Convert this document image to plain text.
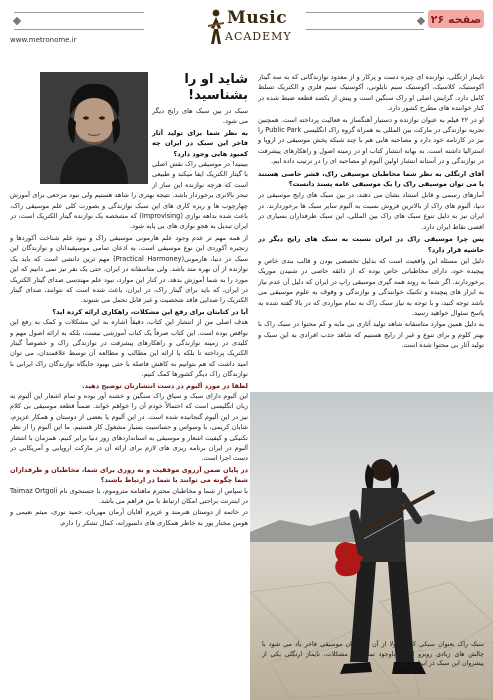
www.metronome.ir
Music
ACADEMY
صفحه ۲۶
شاید او را بشناسید!
سبک در بین سبک های رایج دیگر می شود.
به نظر شما برای تولید آثار فاخر این سبک در ایران چه کمبود هایی وجود دارد؟
ببینید! در موسیقی راک نقش اصلی با گیتار الکتریک ایفا میکند و طبیعی است که هرچه نوازنده این ساز از تبحر بالاتری برخوردار باشد. نتیجه بهتری را شاهد هستیم ولی نبود مرجعی برای آموزش چهارچوب ها و ریزه کاری های این سبک نوازندگی و بصورت کلی علم موسیقی راک، باعث شده بداهه نوازی (Improvising) که مشخصه یک نوازنده گیتار الکتریک است، در ایران تبدیل به هجو نوازی های بی پایه شود.
از همه مهم تر عدم وجود علم هارمونی موسیقی راک و نبود علم شناخت آکوردها و زنجیره آکوردی این نوع موسیقی است. به اذعان تمامی موسیقیدانان و نوازندگان این سبک در دنیا، هارمونی(Practical Harmoney) مهم ترین دانشی است که باید یک نوازنده از آن بهره مند باشد. ولی متاسفانه در ایران، حتی یک نفر نیز نمی دانیم که این مورد را به شما آموزش بدهد. در کنار این موارد، نبود علم مهندسی صدای گیتار الکتریک در ایران، که باید برای گیتار راک، در ایران، باعث شده است که نتوانند، صدای گیتار الکتریک را صدایی فاقد شخصیت و غیر قابل تحمل می شنوند.
آیا در کتابتان برای رفع این مشکلات، راهکاری ارائه کرده اید؟
هدف اصلی من از انتشار این کتاب، دقیقاً اشاره به این مشکلات و کمک به رفع این نواقص بوده است. این کتاب صرفاً یک کتاب آموزشی نیست، بلکه به ارائه اصول مهم و کلیدی در زمینه نوازندگی و راهکارهای پیشرفت در نوازندگی راک و خصوصاً گیتار الکتریک پرداخته تا بلکه با ارائه این مطالب و مطالعه آن توسط علاقمندان، می توان امید داشت که هم بتوانیم به کاهش فاصله با حتی بهبود جایگاه نوازندگان راک ایرانی با نوازندگان راک دیگر کشورها کمک کنیم.
لطفا در مورد آلبوم در دست انتشارتان توضیح دهید.
این آلبوم دارای سبک و سیاق راک سنگین و خشنه آور بوده و تمام اشعار این آلبوم به زبان انگلیسی است که احتمالاً خودم آن را خواهم خواند. ضمناً قطعه موسیقی بی کلام نیز در این آلبوم گنجانیده شده است. در این آلبوم یا بعضی از دوستان و همکار عزیزم، شایان کریمی، با وسواس و حساسیت بسیار مشغول کار هستیم. ما این آلبوم را از نظر تکنیکی و کیفیت اشعار و موسیقی به استانداردهای روز دنیا برابر کنیم. همزمان با انتشار آلبوم در ایران برنامه ریزی های لازم برای ارائه آن در مارکت اروپایی و آمریکایی در دست اجرا است.
در پایان ضمن آرزوی موفقیت و به روزی برای شما، مخاطبان و طرفداران شما چگونه می توانند با شما در ارتباط باشند؟
با سپاس از شما و مخاطبان محترم ماهنامه متروموم، با جستجوی نام Taimaz Ortgoli در اینترنت براحتی امکان ارتباط با من فراهم می باشد.
در خاتمه از دوستان هنرمند و عزیزم آقایان آرمان مهریان، حمید نوری، میثم نعیمی و هومن مختار پور به خاطر همکاری های دلسوزانه، کمال تشکر را دارم.
تایماز ارتگلی، نوازنده ای چیره دست و پرکار و از معدود نوازندگانی که به سه گیتار آکوستیک، کلاسیک، آکوستیک سیم نایلونی، آکوستیک سیم فلزی و الکتریک تسلط کامل دارد. گرایش اصلی او راک سنگین است و پیش از یکصد قطعه ضبط شده در کنار خواننده های مطرح کشور دارد.
او در ۲۲ فیلم به عنوان نوازنده و دستیار آهنگساز به فعالیت پرداخته است. همچنین تجربه نوازندگی در مارکت بین المللی به همراه گروه راک انگلیسی Public Park را نیز در کارنامه خود دارد و مصاحبه هایی هم با چند شبکه پخش موسیقی در اروپا و استرالیا داشته است. به بهانه انتشار کتاب او در زمینه اصول و راهکارهای پیشرفت در نوازندگی و در آستانه انتشار اولین آلبوم او مصاحبه ای را در ترتیب داده ایم.
آقای ارتگلی به نظر شما مخاطبان موسیقی راک، قشر خاصی هستند یا می توان موسیقی راک را یک موسیقی عامه پسند دانست؟
آمارهای رسمی و قابل استناد نشان می دهند، در بین سبک های رایج موسیقی در دنیا، آلبوم های راک از بالاترین فروش نسبت به آلبوم سایر سبک ها برخوردارند. در ایران نیز به دلیل تنوع سبک های راک بین المللی، این سبک طرفداران بسیاری در اقصی نقاط ایران دارد.
پس چرا موسیقی راک در ایران نسبت به سبک های رایج دیگر در حاشیه قرار دارد؟
دلیل این مسئله این واقعیت است که بدلیل تخصصی بودن و قالب بندی خاص و پیچیده خود، دارای مخاطبانی خاص بوده که از ذائقه خاصی در شنیدن موزیک برخوردارند. اگر شما به روند همه گیری موسیقی راپ در ایران که دلیل آن عدم نیاز به ابزار های پیچیده و تکنیک خوانندگی و نوازندگی و وقوف به علوم موسیقی می باشد توجه کنید، و با توجه به نیاز سبک راک به تمام مواردی که در بالا گفته شده به پاسخ سئوال خواهید رسید.
به دلیل همین موارد متاسفانه شاهد تولید آثاری بی مایه و کم محتوا در سبک راک با بهتر کلوم و برای تنوع و غیر از رایج هستیم که شاهد جذب افرادی به این سبک و تولید آثار بی محتوا شده است.
سبک راک بعنوان سبکی که معمولا از آن به عنوان موسیقی فاخر یاد می شود با چالش های زیادی روبرو است. باوجود تمام این مشکلات، تایماز ارتگلی یکی از پیشروان این سبک در ایران است.
